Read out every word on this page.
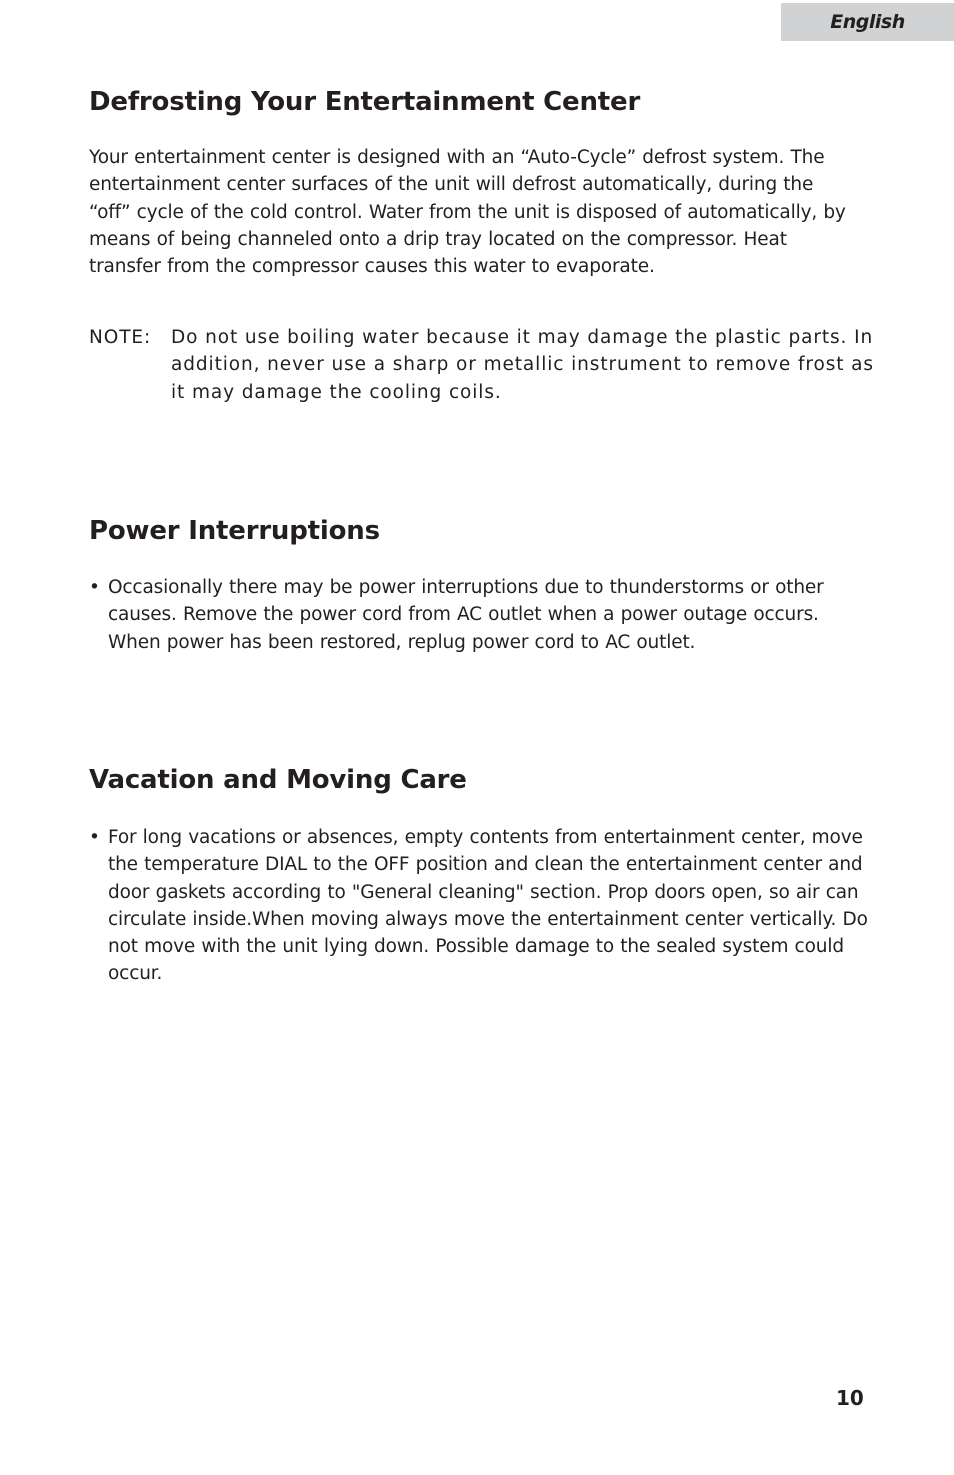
English
Defrosting Your Entertainment Center

Your entertainment center is designed with an “Auto-Cycle” defrost system. The entertainment center surfaces of the unit will defrost automatically, during the “off” cycle of the cold control. Water from the unit is disposed of automatically, by means of being channeled onto a drip tray located on the compressor. Heat transfer from the compressor causes this water to evaporate.

NOTE: Do not use boiling water because it may damage the plastic parts. In addition, never use a sharp or metallic instrument to remove frost as it may damage the cooling coils.
Power Interruptions
• Occasionally there may be power interruptions due to thunderstorms or other causes. Remove the power cord from AC outlet when a power outage occurs. When power has been restored, replug power cord to AC outlet.
Vacation and Moving Care
• For long vacations or absences, empty contents from entertainment center, move the temperature DIAL to the OFF position and clean the entertainment center and door gaskets according to "General cleaning" section. Prop doors open, so air can circulate inside.When moving always move the entertainment center vertically. Do not move with the unit lying down. Possible damage to the sealed system could occur.
10
